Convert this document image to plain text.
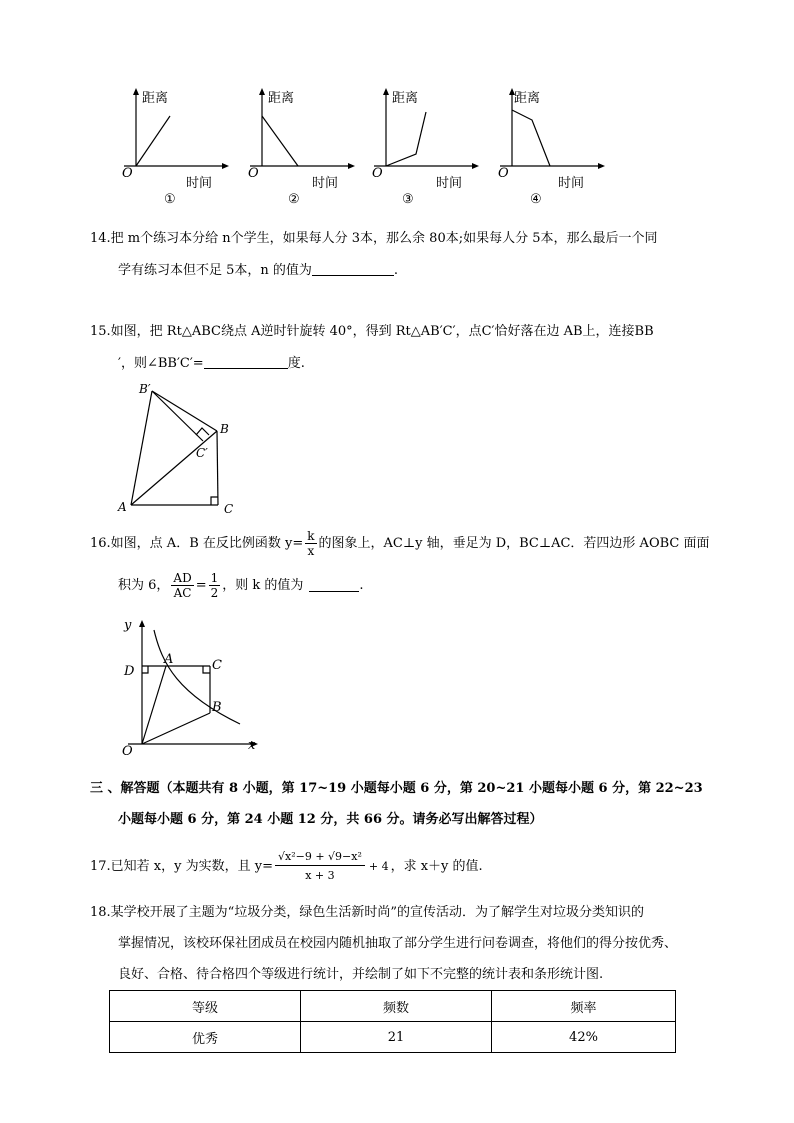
距离
O
时间
①
距离
O
时间
②
距离
O
时间
③
距离
O
时间
④
14.把 m个练习本分给 n个学生，如果每人分 3本，那么余 80本;如果每人分 5本，那么最后一个同
学有练习本但不足 5本，n 的值为	.
15.如图，把 Rt△ABC绕点 A逆时针旋转 40°，得到 Rt△AB′C′，点C′恰好落在边 AB上，连接BB
′，则∠BB′C′=	度.
B′
B
C′
A	C
16.如图，点 A．B 在反比例函数 $y= \frac{k}{x}$ 的图象上，AC⊥y 轴，垂足为 D，BC⊥AC．若四边形 AOBC 面面
积为 6， $\frac{AD}{AC} = \frac{1}{2}$ ，则 k 的值为	.
y
x
O
D
A	C
B
三 、解答题（本题共有 8 小题，第 17~19 小题每小题 6 分，第 20~21 小题每小题 6 分，第 22~23
小题每小题 6 分，第 24 小题 12 分，共 66 分。请务必写出解答过程）
17.已知若 x，y 为实数，且 $y= \frac{\text{√x²−9 + √9−x²}}{x + 3} + 4$ ，求 x＋y 的值.
18.某学校开展了主题为“垃圾分类，绿色生活新时尚”的宣传活动．为了解学生对垃圾分类知识的
掌握情况，该校环保社团成员在校园内随机抽取了部分学生进行问卷调查，将他们的得分按优秀、
良好、合格、待合格四个等级进行统计，并绘制了如下不完整的统计表和条形统计图.
等级	频数	频率
优秀	21	42%
